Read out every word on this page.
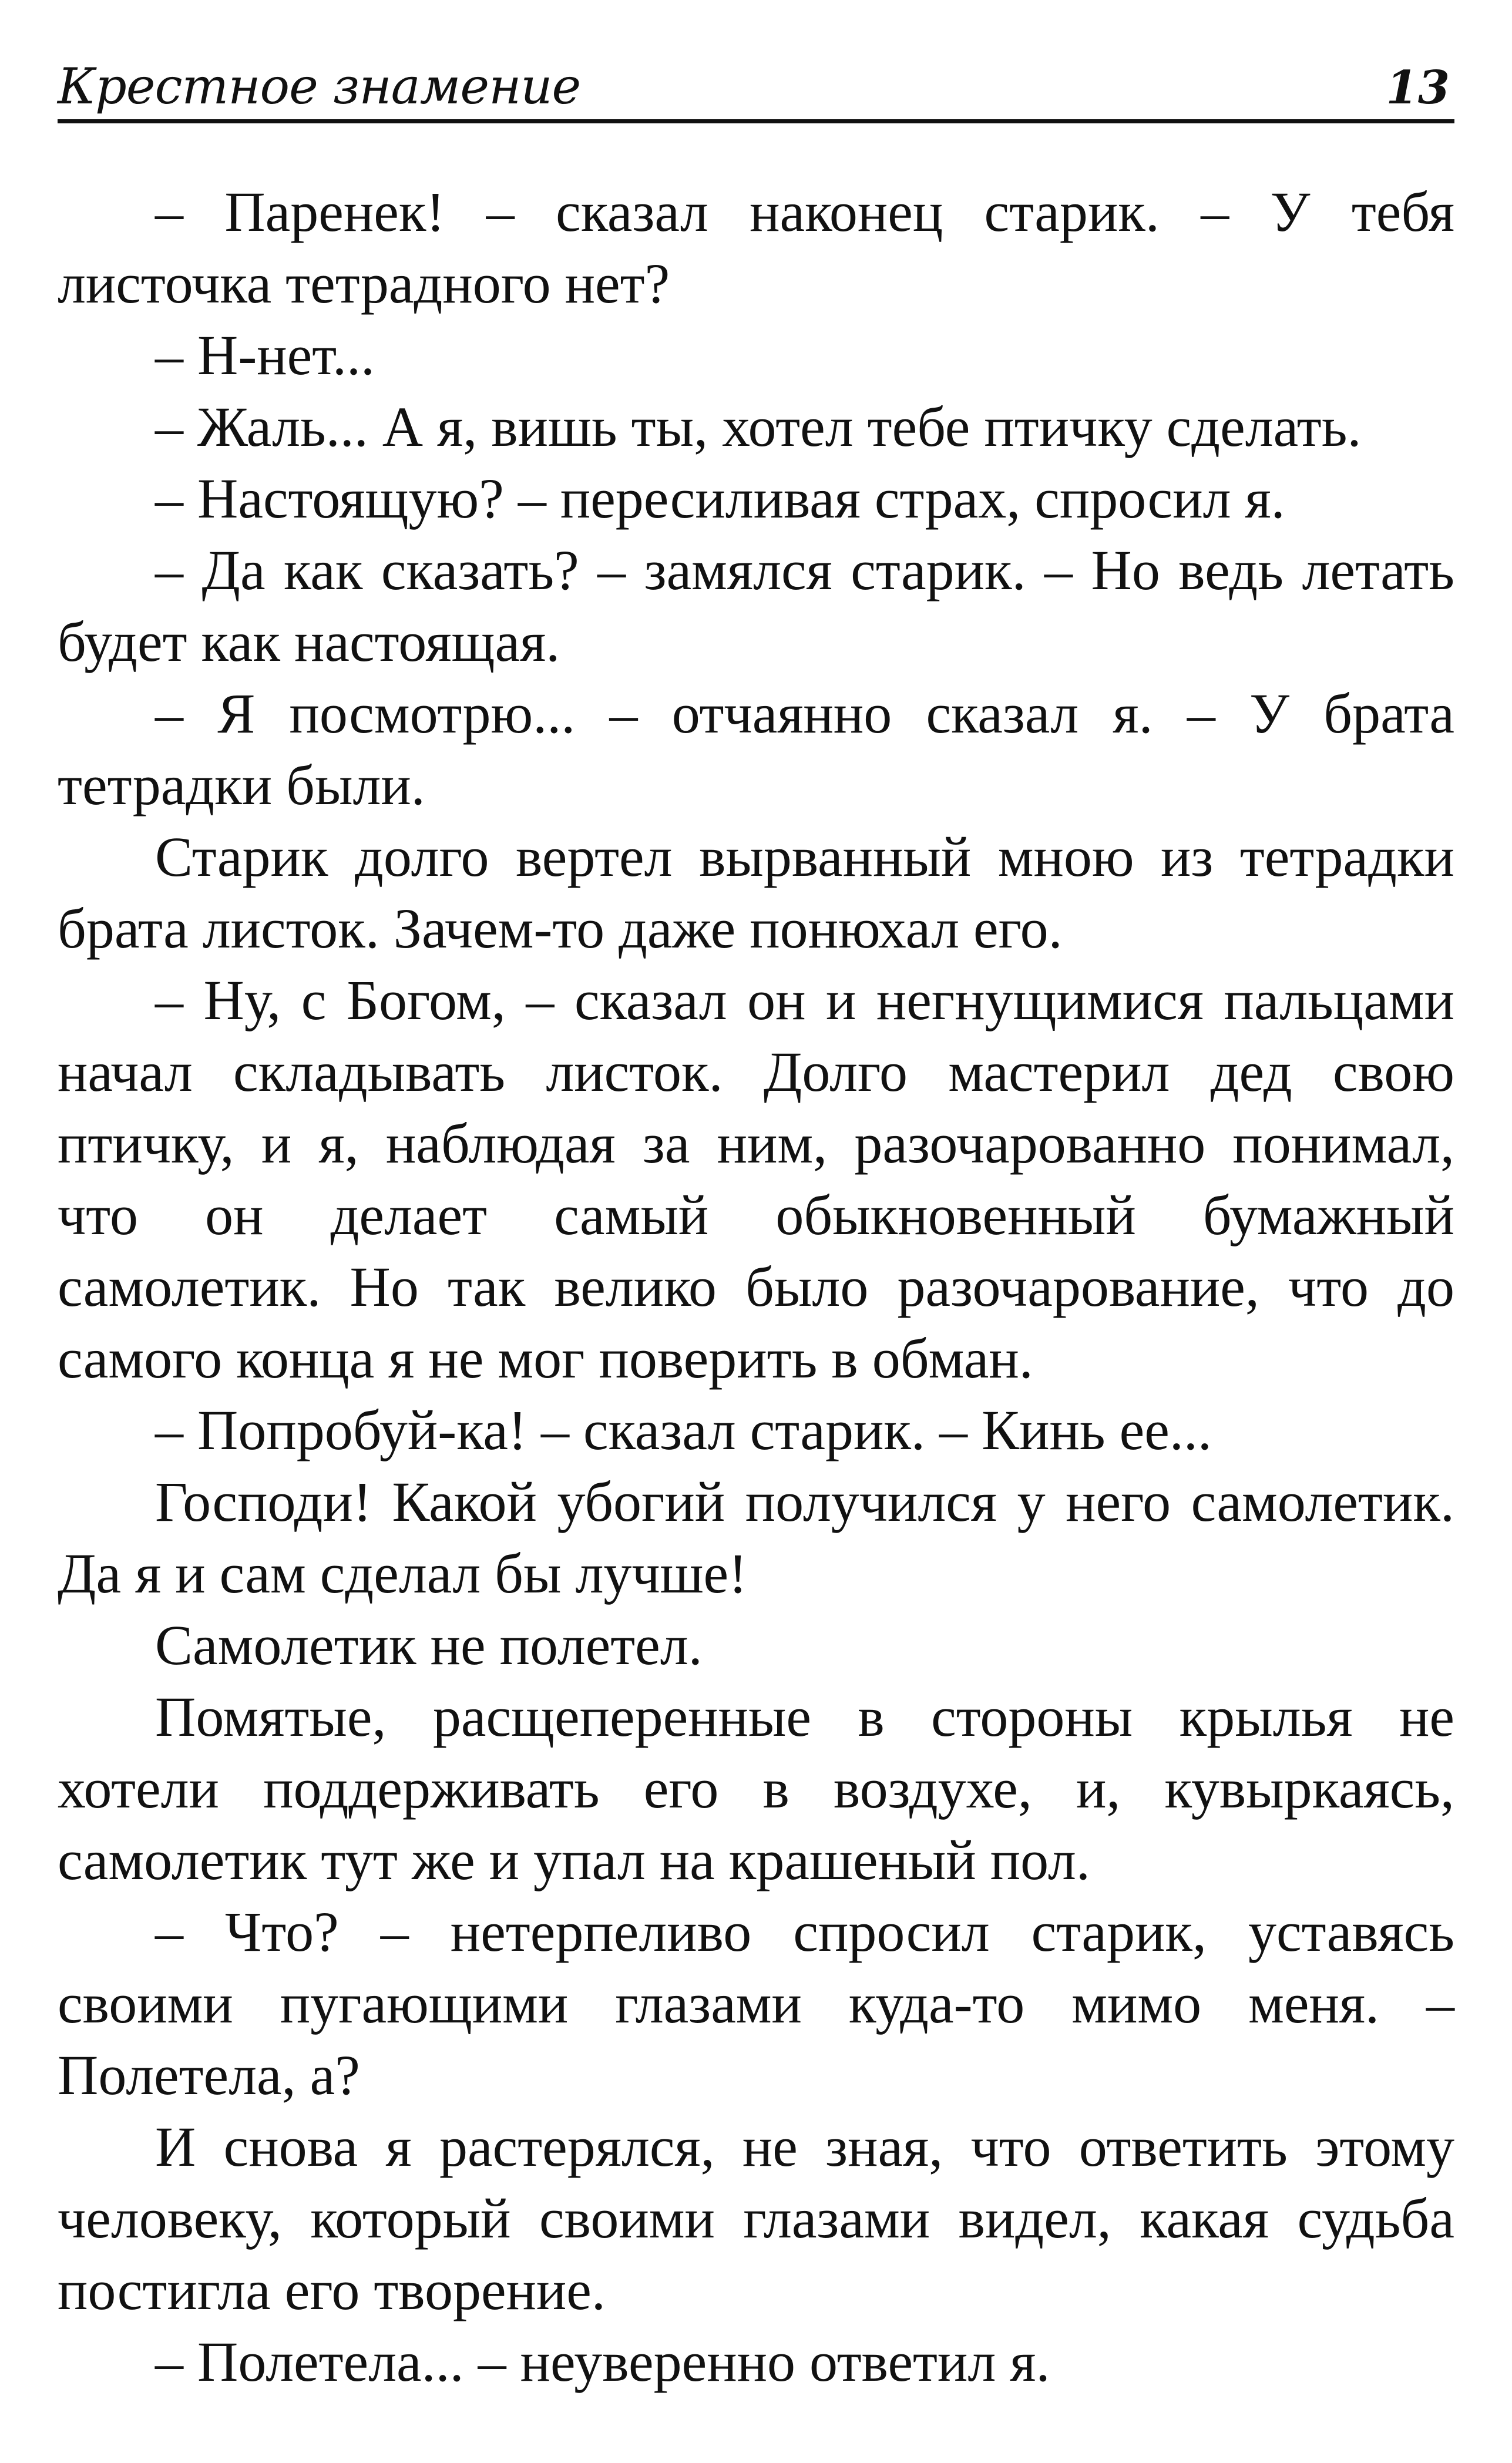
Крестное знамение	13

– Паренек! – сказал наконец старик. – У тебя листочка тетрадного нет?

– Н-нет...

– Жаль... А я, вишь ты, хотел тебе птичку сделать.

– Настоящую? – пересиливая страх, спросил я.

– Да как сказать? – замялся старик. – Но ведь летать будет как настоящая.

– Я посмотрю... – отчаянно сказал я. – У брата тетрадки были.

Старик долго вертел вырванный мною из тетрадки брата листок. Зачем-то даже понюхал его.

– Ну, с Богом, – сказал он и негнущимися пальцами начал складывать листок. Долго мастерил дед свою птичку, и я, наблюдая за ним, разочарованно понимал, что он делает самый обыкновенный бумажный самолетик. Но так велико было разочарование, что до самого конца я не мог поверить в обман.

– Попробуй-ка! – сказал старик. – Кинь ее...

Господи! Какой убогий получился у него самолетик. Да я и сам сделал бы лучше!

Самолетик не полетел.

Помятые, расщеперенные в стороны крылья не хотели поддерживать его в воздухе, и, кувыркаясь, самолетик тут же и упал на крашеный пол.

– Что? – нетерпеливо спросил старик, уставясь своими пугающими глазами куда-то мимо меня. – Полетела, а?

И снова я растерялся, не зная, что ответить этому человеку, который своими глазами видел, какая судьба постигла его творение.

– Полетела... – неуверенно ответил я.
